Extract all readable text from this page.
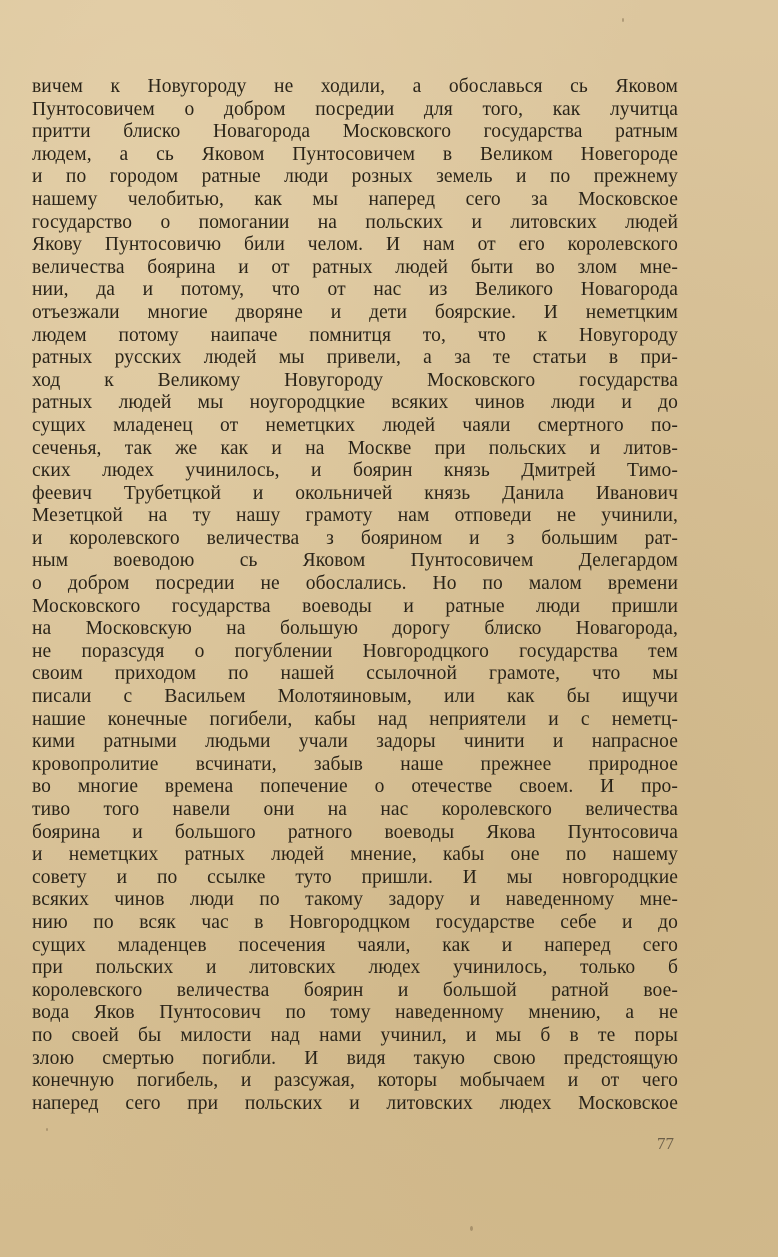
вичем к Новугороду не ходили, а обославься сь Яковом
Пунтосовичем о добром посредии для того, как лучитца
притти блиско Новагорода Московского государства ратным
людем, а сь Яковом Пунтосовичем в Великом Новегороде
и по городом ратные люди розных земель и по прежнему
нашему челобитью, как мы наперед сего за Московское
государство о помогании на польских и литовских людей
Якову Пунтосовичю били челом. И нам от его королевского
величества боярина и от ратных людей быти во злом мне-
нии, да и потому, что от нас из Великого Новагорода
отъезжали многие дворяне и дети боярские. И неметцким
людем потому наипаче помнитця то, что к Новугороду
ратных русских людей мы привели, а за те статьи в при-
ход к Великому Новугороду Московского государства
ратных людей мы ноугородцкие всяких чинов люди и до
сущих младенец от неметцких людей чаяли смертного по-
сеченья, так же как и на Москве при польских и литов-
ских людех учинилось, и боярин князь Дмитрей Тимо-
феевич Трубетцкой и окольничей князь Данила Иванович
Мезетцкой на ту нашу грамоту нам отповеди не учинили,
и королевского величества з боярином и з большим рат-
ным воеводою сь Яковом Пунтосовичем Делегардом
о добром посредии не обослались. Но по малом времени
Московского государства воеводы и ратные люди пришли
на Московскую на большую дорогу блиско Новагорода,
не поразсудя о погублении Новгородцкого государства тем
своим приходом по нашей ссылочной грамоте, что мы
писали с Васильем Молотяиновым, или как бы ищучи
нашие конечные погибели, кабы над неприятели и с неметц-
кими ратными людьми учали задоры чинити и напрасное
кровопролитие всчинати, забыв наше прежнее природное
во многие времена попечение о отечестве своем. И про-
тиво того навели они на нас королевского величества
боярина и большого ратного воеводы Якова Пунтосовича
и неметцких ратных людей мнение, кабы оне по нашему
совету и по ссылке туто пришли. И мы новгородцкие
всяких чинов люди по такому задору и наведенному мне-
нию по всяк час в Новгородцком государстве себе и до
сущих младенцев посечения чаяли, как и наперед сего
при польских и литовских людех учинилось, только б
королевского величества боярин и большой ратной вое-
вода Яков Пунтосович по тому наведенному мнению, а не
по своей бы милости над нами учинил, и мы б в те поры
злою смертью погибли. И видя такую свою предстоящую
конечную погибель, и разсужая, которы мобычаем и от чего
наперед сего при польских и литовских людех Московское
77
